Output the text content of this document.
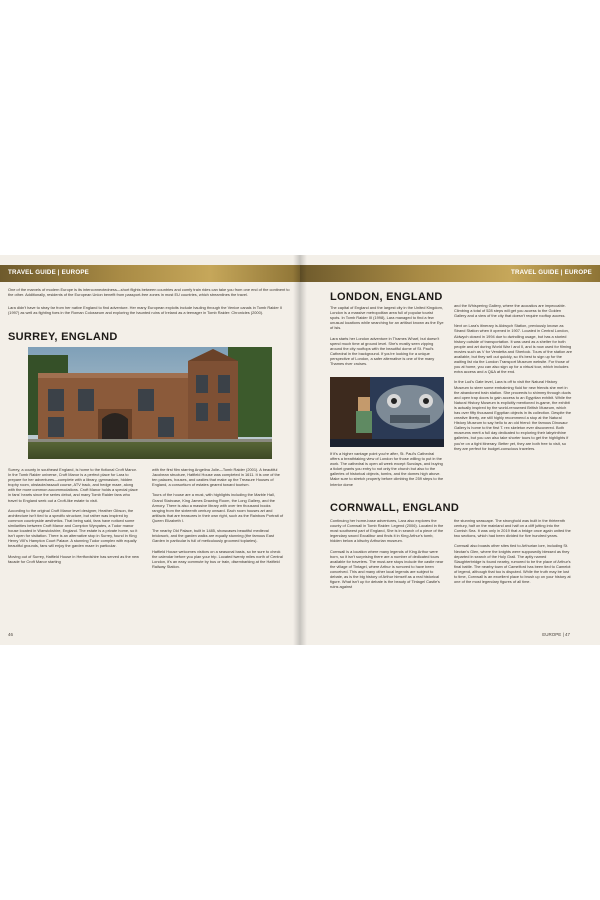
TRAVEL GUIDE | EUROPE
One of the marvels of modern Europe is its interconnectedness—short flights between countries and comfy train rides can take you from one end of the continent to the other. Additionally, residents of the European Union benefit from passport-free zones in most EU countries, which streamlines the travel.
Lara didn't have to stray far from her native England to find adventure. Her many European exploits include hauling through the Venice canals in Tomb Raider II (1997) as well as fighting foes in the Roman Colosseum and exploring the haunted ruins of Ireland as a teenager in Tomb Raider: Chronicles (2000).
SURREY, ENGLAND
Surrey, a county in southeast England, is home to the fictional Croft Manor. In the Tomb Raider universe, Croft Manor is a perfect place for Lara to prepare for her adventures—complete with a library, gymnasium, hidden trophy room, obstacle/assault course, ATV track, and hedge maze, along with the more common accommodations. Croft Manor holds a special place in fans' hearts since the series debut, and many Tomb Raider fans who travel to England seek out a Croft-like estate to visit.

According to the original Croft Manor level designer, Heather Gibson, the architecture isn't tied to a specific structure, but rather was inspired by common countryside aesthetics. That being said, fans have noticed some similarities between Croft Manor and Compton Wynyates, a Tudor manor house located in Warwickshire, England. The estate is a private home, so it isn't open for visitation. There is an alternative stop in Surrey, found in King Henry VIII's Hampton Court Palace. A stunning Tudor complex with equally beautiful grounds, fans will enjoy the garden maze in particular.

Moving out of Surrey, Hatfield House in Hertfordshire has served as the new facade for Croft Manor starting
with the first film starring Angelina Jolie—Tomb Raider (2001). A beautiful Jacobean structure, Hatfield House was completed in 1611. It is one of the ten palaces, houses, and castles that make up the Treasure Houses of England, a consortium of estates geared toward tourism.

Tours of the house are a must, with highlights including the Marble Hall, Grand Staircase, King James Drawing Room, the Long Gallery, and the Armory. There is also a massive library with over ten thousand books ranging from the sixteenth century onward. Each room houses art and artifacts that are treasures in their own right, such as the Rainbow Portrait of Queen Elizabeth I.

The nearby Old Palace, built in 1485, showcases beautiful medieval brickwork, and the garden walks are equally stunning (the famous East Garden in particular is full of meticulously groomed topiaries).

Hatfield House welcomes visitors on a seasonal basis, so be sure to check the calendar before you plan your trip. Located twenty miles north of Central London, it's an easy commute by bus or train, disembarking at the Hatfield Railway Station.
46
TRAVEL GUIDE | EUROPE
LONDON, ENGLAND
The capital of England and the largest city in the United Kingdom, London is a massive metropolitan area full of popular tourist spots. In Tomb Raider III (1998), Lara managed to find a few unusual locations while searching for an artifact known as the Eye of Isis.

Lara starts her London adventure in Thames Wharf, but doesn't spend much time at ground level. She's mostly seen zipping around the city rooftops with the beautiful dome of St. Paul's Cathedral in the background. If you're looking for a unique perspective of London, a safer alternative is one of the many Thames river cruises.
If it's a higher vantage point you're after, St. Paul's Cathedral offers a breathtaking view of London for those willing to put in the work. The cathedral is open all week except Sundays, and buying a ticket grants you entry to not only the church but also to the galleries of historical objects, tombs, and the domes high above. Make sure to stretch properly before climbing the 259 steps to the Interior dome
and the Whispering Gallery, where the acoustics are impeccable. Climbing a total of 528 steps will get you access to the Golden Gallery and a view of the city that doesn't require rooftop access.

Next on Lara's itinerary is Aldwych Station, previously known as Strand Station when it opened in 1907. Located in Central London, Aldwych closed in 1994 due to dwindling usage, but has a storied history outside of transportation. It was used as a shelter for both people and art during World War I and II, and is now used for filming movies such as V for Vendetta and Sherlock. Tours of the station are available, but they sell out quickly, so it's best to sign up for the waiting list via the London Transport Museum website. For those of you at home, you can also sign up for a virtual tour, which includes extra access and a Q&A at the end.

In the Lud's Gate level, Lara is off to visit the Natural History Museum to steer some embalming fluid for new friends she met in the abandoned train station. She proceeds to shimmy through ducts and open trap doors to gain access to an Egyptian exhibit. While the Natural History Museum is explicitly mentioned in-game, the exhibit is actually inspired by the world-renowned British Museum, which has over fifty thousand Egyptian objects in its collection. Despite the creative liberty, we still highly recommend a stop at the Natural History Museum to say hello to an old friend: the famous Dinosaur Gallery is home to the first T. rex skeleton ever discovered. Both museums merit a full day dedicated to exploring their labyrinthine galleries, but you can also take shorter tours to get the highlights if you're on a tight itinerary. Better yet, they are both free to visit, so they are perfect for budget-conscious travelers.
CORNWALL, ENGLAND
Continuing her home-base adventures, Lara also explores the county of Cornwall in Tomb Raider: Legend (2006). Located in the most southwest part of England, She is in search of a piece of the legendary sword Excalibur and finds it in King Arthur's tomb, hidden below a kitschy Arthurian museum.

Cornwall is a location where many legends of King Arthur were born, so it isn't surprising there are a number of dedicated tours available for travelers. The must-see stops include the castle near the village of Tintagel, where Arthur is rumored to have been conceived. This and many other local legends are subject to debate, as is the big history of Arthur himself as a real historical figure. What isn't up for debate is the beauty of Tintagel Castle's ruins against
the stunning seascape. The stronghold was built in the thirteenth century, half on the mainland and half on a cliff jutting into the Cornish Sea. It was only in 2019 that a bridge once again united the two sections, which had been divided for five hundred years.

Cornwall also boasts other sites tied to Arthurian lore, including St. Nectan's Glen, where the knights were supposedly blessed as they departed in search of the Holy Grail. The aptly named Slaughterbridge is found nearby, rumored to be the place of Arthur's final battle. The nearby town of Camelford has been tied to Camelot of legend, although that too is disputed. While the truth may be lost to time, Cornwall is an excellent place to brush up on your history at one of the most legendary figures of all time.
EUROPE | 47
